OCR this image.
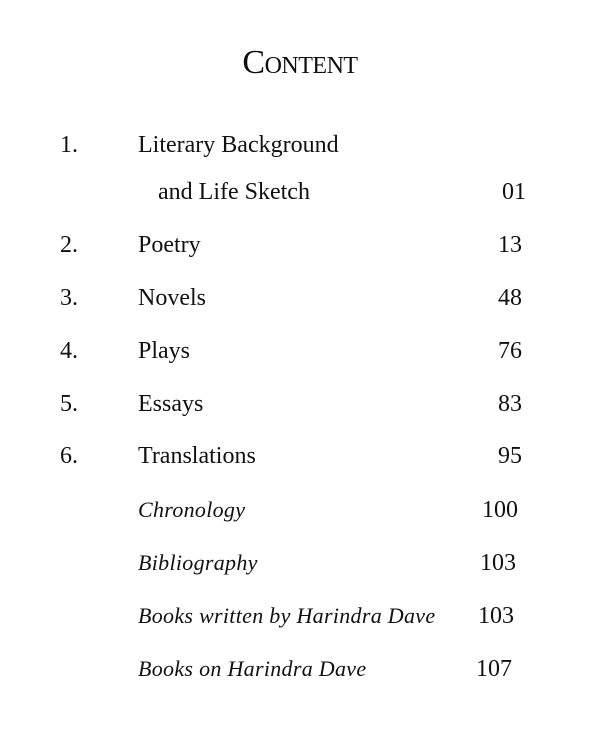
Content
1.	Literary Background
and Life Sketch	01
2.	Poetry	13
3.	Novels	48
4.	Plays	76
5.	Essays	83
6.	Translations	95
Chronology	100
Bibliography	103
Books written by Harindra Dave 103
Books on Harindra Dave	107
